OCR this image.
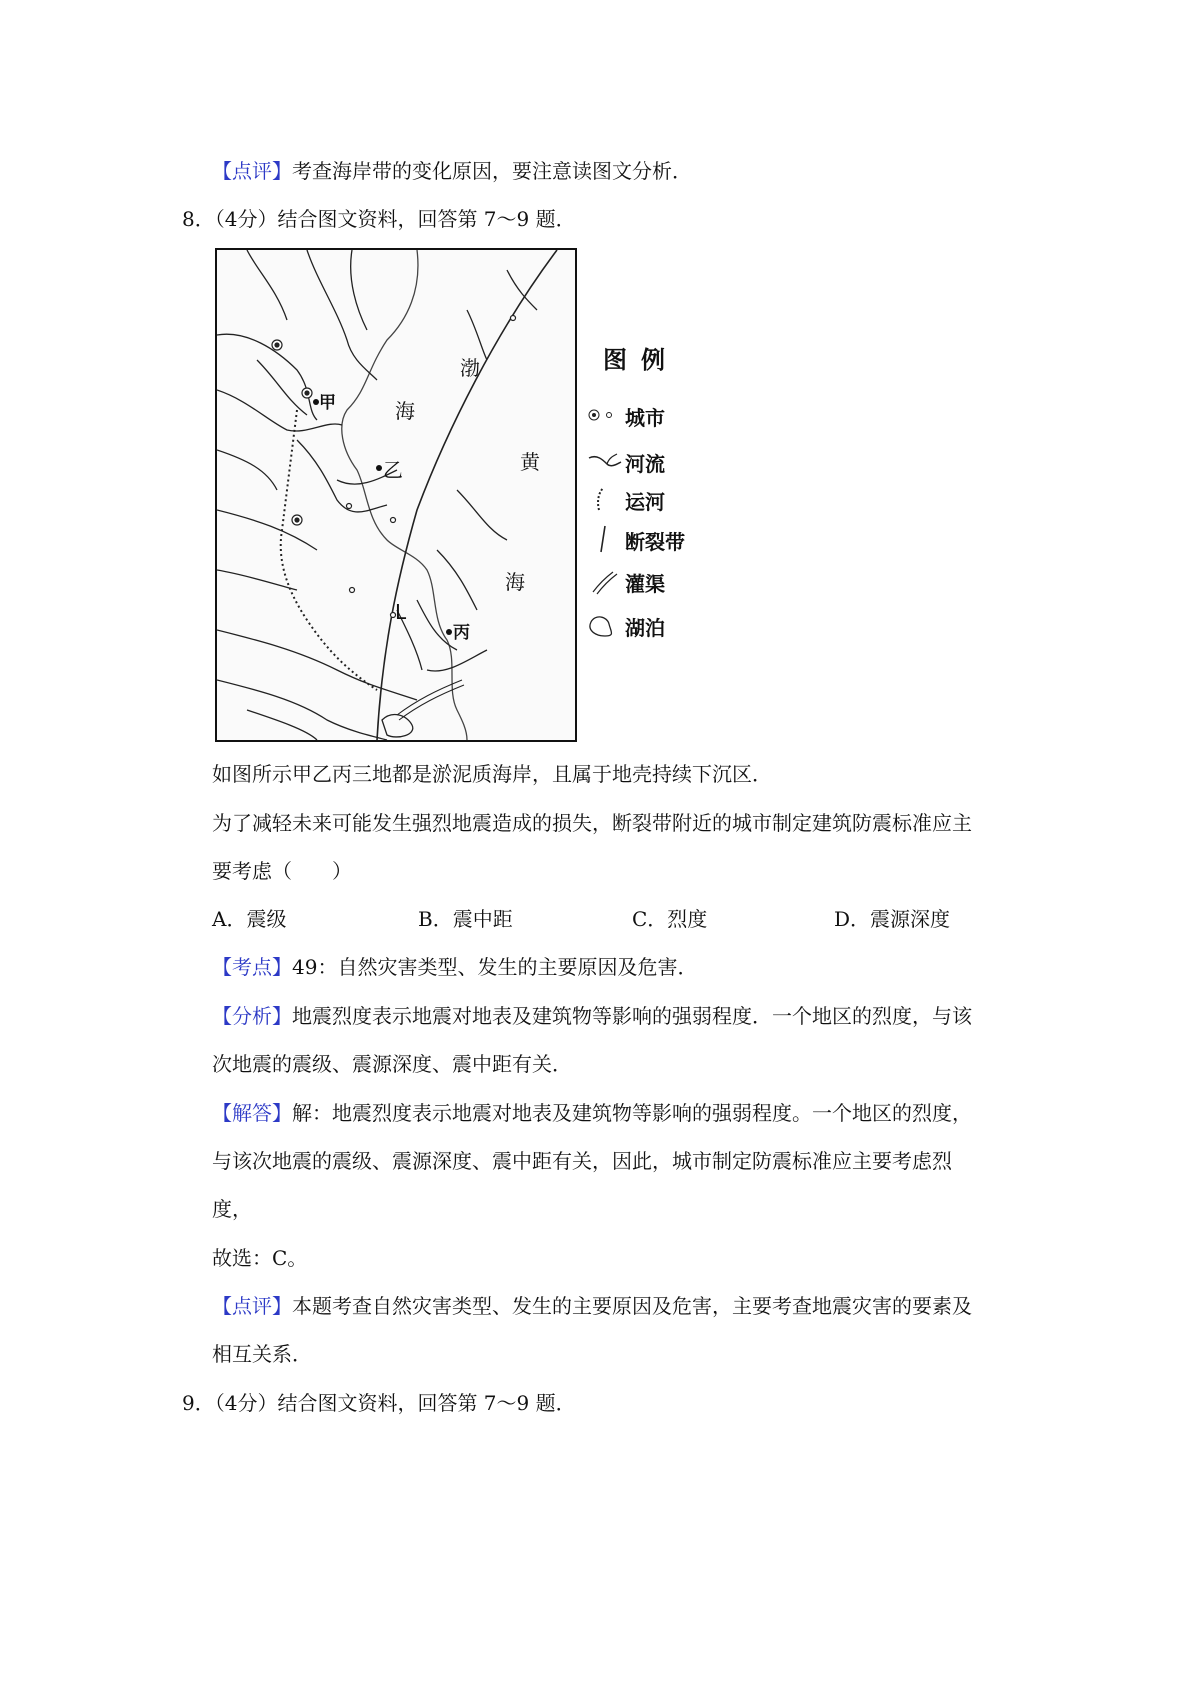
【点评】考查海岸带的变化原因，要注意读图文分析．
8．（4分）结合图文资料，回答第 7～9 题．
甲
乙
L
丙
渤
海
黄
海
图例
城市
河流
运河
断裂带
灌渠
湖泊
如图所示甲乙丙三地都是淤泥质海岸，且属于地壳持续下沉区．
为了减轻未来可能发生强烈地震造成的损失，断裂带附近的城市制定建筑防震标准应主
要考虑（　　）
A．震级	B．震中距	C．烈度	D．震源深度
【考点】49：自然灾害类型、发生的主要原因及危害．
【分析】地震烈度表示地震对地表及建筑物等影响的强弱程度．一个地区的烈度，与该
次地震的震级、震源深度、震中距有关．
【解答】解：地震烈度表示地震对地表及建筑物等影响的强弱程度。一个地区的烈度，
与该次地震的震级、震源深度、震中距有关，因此，城市制定防震标准应主要考虑烈
度，
故选：C。
【点评】本题考查自然灾害类型、发生的主要原因及危害，主要考查地震灾害的要素及
相互关系．
9．（4分）结合图文资料，回答第 7～9 题．
